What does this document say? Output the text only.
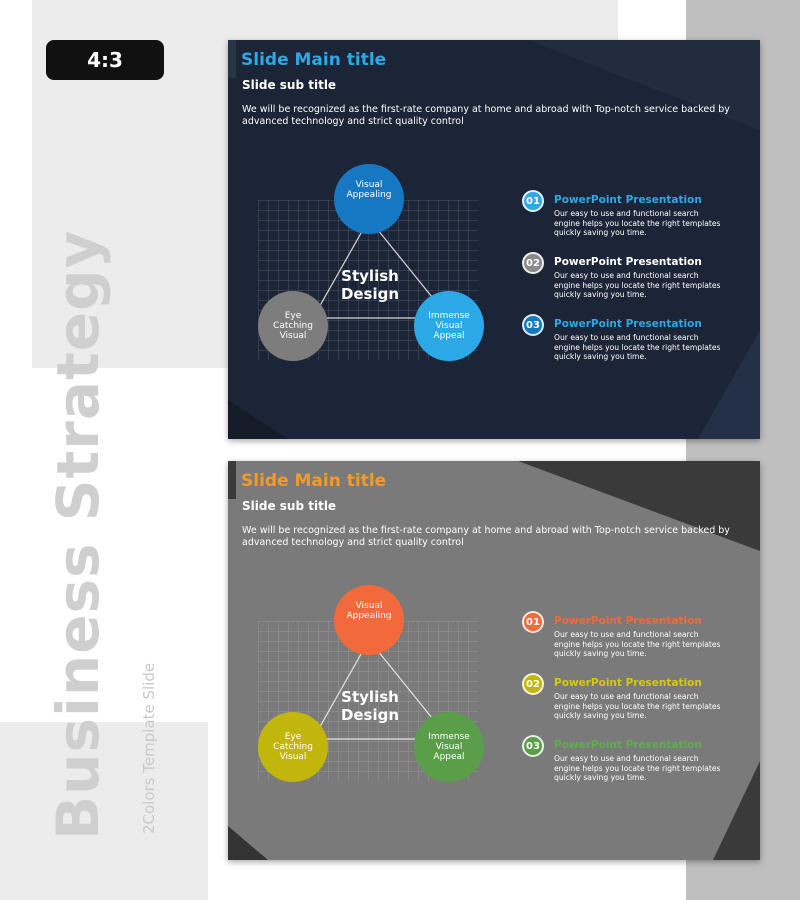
4:3
Business Strategy 2Colors Template Slide
Slide Main title
Slide sub title
We will be recognized as the first-rate company at home and abroad with Top-notch service backed by advanced technology and strict quality control
Visual
Appealing
Eye
Catching
Visual
Immense
Visual
Appeal
Stylish
Design
01	PowerPoint Presentation
Our easy to use and functional search engine helps you locate the right templates quickly saving you time.
02	PowerPoint Presentation
Our easy to use and functional search engine helps you locate the right templates quickly saving you time.
03	PowerPoint Presentation
Our easy to use and functional search engine helps you locate the right templates quickly saving you time.
Slide Main title
Slide sub title
We will be recognized as the first-rate company at home and abroad with Top-notch service backed by advanced technology and strict quality control
Visual
Appealing
Eye
Catching
Visual
Immense
Visual
Appeal
Stylish
Design
01	PowerPoint Presentation
Our easy to use and functional search engine helps you locate the right templates quickly saving you time.
02	PowerPoint Presentation
Our easy to use and functional search engine helps you locate the right templates quickly saving you time.
03	PowerPoint Presentation
Our easy to use and functional search engine helps you locate the right templates quickly saving you time.
